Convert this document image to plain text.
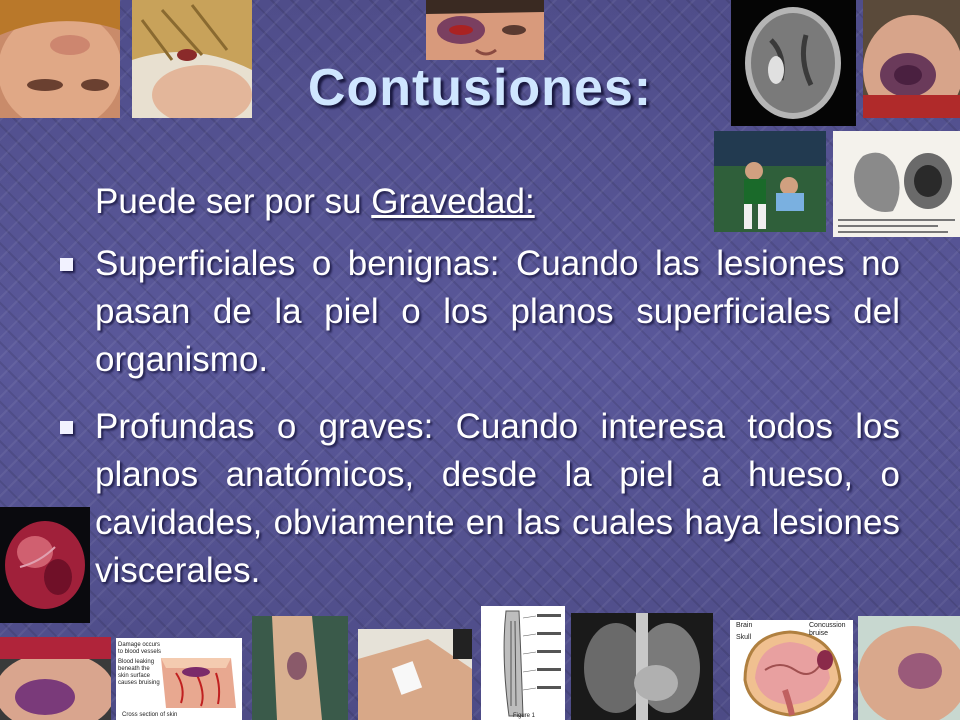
Damage occurs to blood vessels
Blood leaking beneath the skin surface causes bruising
Cross section of skin	Figure 1
Brain
Skull
Concussion bruise
Contusiones:
Puede ser por su Gravedad:
Superficiales o benignas: Cuando las lesiones no pasan de la piel o los planos superficiales del organismo.
Profundas o graves: Cuando interesa todos los planos anatómicos, desde la piel a hueso, o cavidades, obviamente en las cuales haya lesiones viscerales.
